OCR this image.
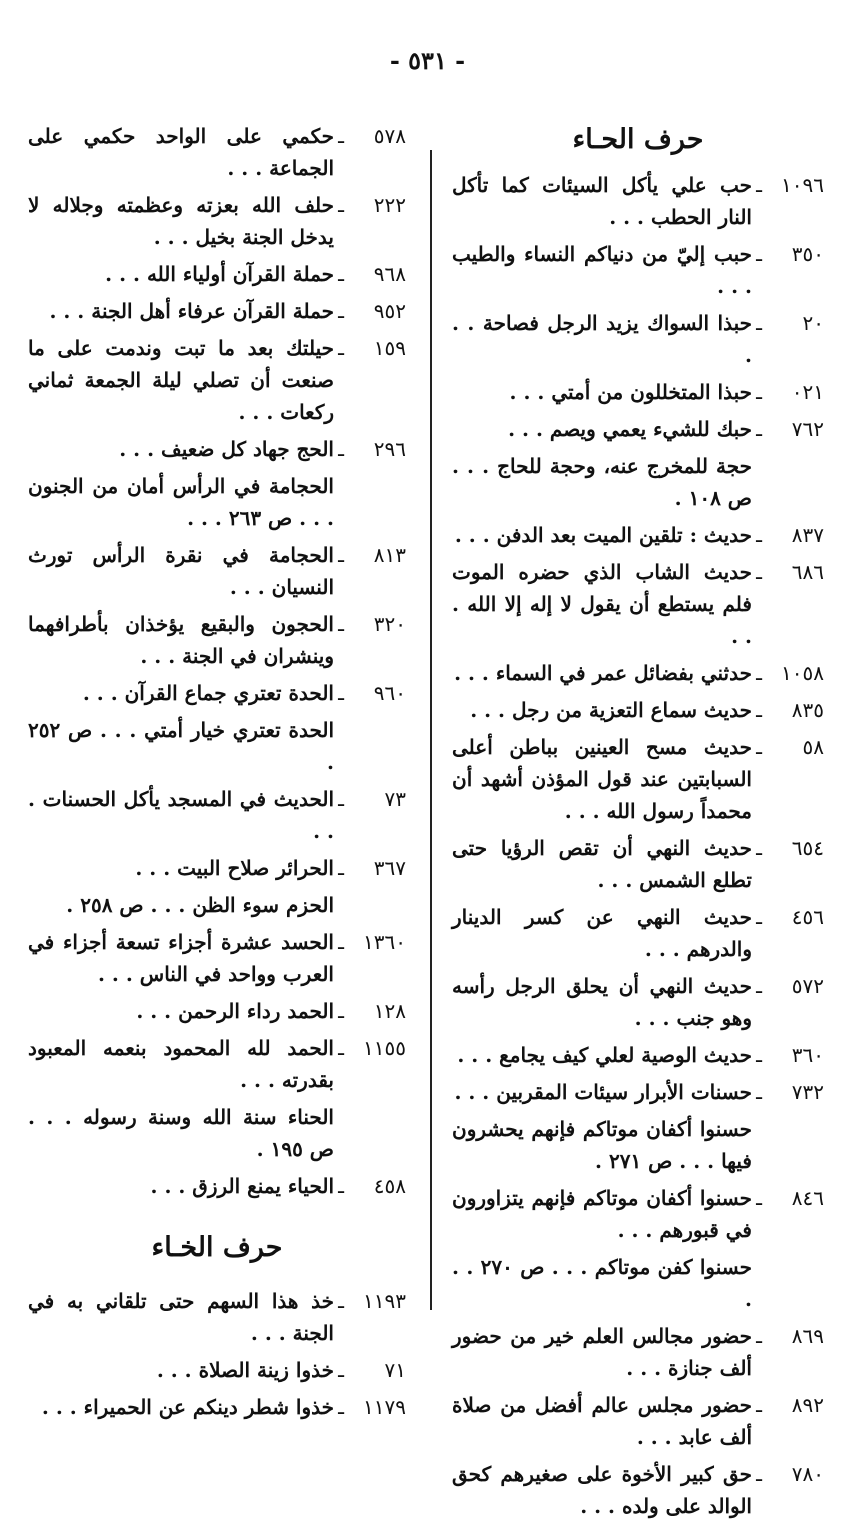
- ٥٣١ -
حرف الحـاء
١٠٩٦
ـ
حب علي يأكل السيئات كما تأكل النار الحطب . . .
٣٥٠
ـ
حبب إليّ من دنياكم النساء والطيب . . .
٢٠
ـ
حبذا السواك يزيد الرجل فصاحة . . .
٠٢١
ـ
حبذا المتخللون من أمتي . . .
٧٦٢
ـ
حبك للشيء يعمي ويصم . . .
حجة للمخرج عنه، وحجة للحاج . . . ص ١٠٨ .
٨٣٧
ـ
حديث : تلقين الميت بعد الدفن . . .
٦٨٦
ـ
حديث الشاب الذي حضره الموت فلم يستطع أن يقول لا إله إلا الله . . .
١٠٥٨
ـ
حدثني بفضائل عمر في السماء . . .
٨٣٥
ـ
حديث سماع التعزية من رجل . . .
٥٨
ـ
حديث مسح العينين بباطن أعلى السبابتين عند قول المؤذن أشهد أن محمداً رسول الله . . .
٦٥٤
ـ
حديث النهي أن تقص الرؤيا حتى تطلع الشمس . . .
٤٥٦
ـ
حديث النهي عن كسر الدينار والدرهم . . .
٥٧٢
ـ
حديث النهي أن يحلق الرجل رأسه وهو جنب . . .
٣٦٠
ـ
حديث الوصية لعلي كيف يجامع . . .
٧٣٢
ـ
حسنات الأبرار سيئات المقربين . . .
حسنوا أكفان موتاكم فإنهم يحشرون فيها . . . ص ٢٧١ .
٨٤٦
ـ
حسنوا أكفان موتاكم فإنهم يتزاورون في قبورهم . . .
حسنوا كفن موتاكم . . . ص ٢٧٠ . . .
٨٦٩
ـ
حضور مجالس العلم خير من حضور ألف جنازة . . .
٨٩٢
ـ
حضور مجلس عالم أفضل من صلاة ألف عابد . . .
٧٨٠
ـ
حق كبير الأخوة على صغيرهم كحق الوالد على ولده . . .
٥٧٨
ـ
حكمي على الواحد حكمي على الجماعة . . .
٢٢٢
ـ
حلف الله بعزته وعظمته وجلاله لا يدخل الجنة بخيل . . .
٩٦٨
ـ
حملة القرآن أولياء الله . . .
٩٥٢
ـ
حملة القرآن عرفاء أهل الجنة . . .
١٥٩
ـ
حيلتك بعد ما تبت وندمت على ما صنعت أن تصلي ليلة الجمعة ثماني ركعات . . .
٢٩٦
ـ
الحج جهاد كل ضعيف . . .
الحجامة في الرأس أمان من الجنون . . . ص ٢٦٣ . . .
٨١٣
ـ
الحجامة في نقرة الرأس تورث النسيان . . .
٣٢٠
ـ
الحجون والبقيع يؤخذان بأطرافهما وينشران في الجنة . . .
٩٦٠
ـ
الحدة تعتري جماع القرآن . . .
الحدة تعتري خيار أمتي . . . ص ٢٥٢ .
٧٣
ـ
الحديث في المسجد يأكل الحسنات . . .
٣٦٧
ـ
الحرائر صلاح البيت . . .
الحزم سوء الظن . . . ص ٢٥٨ .
١٣٦٠
ـ
الحسد عشرة أجزاء تسعة أجزاء في العرب وواحد في الناس . . .
١٢٨
ـ
الحمد رداء الرحمن . . .
١١٥٥
ـ
الحمد لله المحمود بنعمه المعبود بقدرته . . .
الحناء سنة الله وسنة رسوله . . . ص ١٩٥ .
٤٥٨
ـ
الحياء يمنع الرزق . . .
حرف الخـاء
١١٩٣
ـ
خذ هذا السهم حتى تلقاني به في الجنة . . .
٧١
ـ
خذوا زينة الصلاة . . .
١١٧٩
ـ
خذوا شطر دينكم عن الحميراء . . .
